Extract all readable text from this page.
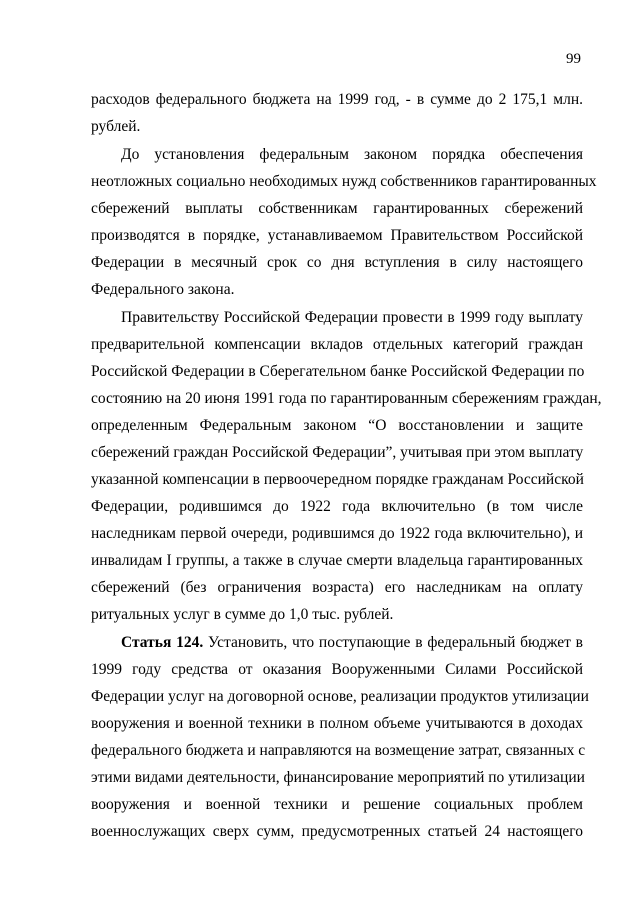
99
расходов федерального бюджета на 1999 год, - в сумме до 2 175,1 млн.
рублей.
До установления федеральным законом порядка обеспечения
неотложных социально необходимых нужд собственников гарантированных
сбережений выплаты собственникам гарантированных сбережений
производятся в порядке, устанавливаемом Правительством Российской
Федерации в месячный срок со дня вступления в силу настоящего
Федерального закона.
Правительству Российской Федерации провести в 1999 году выплату
предварительной компенсации вкладов отдельных категорий граждан
Российской Федерации в Сберегательном банке Российской Федерации по
состоянию на 20 июня 1991 года по гарантированным сбережениям граждан,
определенным Федеральным законом “О восстановлении и защите
сбережений граждан Российской Федерации”, учитывая при этом выплату
указанной компенсации в первоочередном порядке гражданам Российской
Федерации, родившимся до 1922 года включительно (в том числе
наследникам первой очереди, родившимся до 1922 года включительно), и
инвалидам I группы, а также в случае смерти владельца гарантированных
сбережений (без ограничения возраста) его наследникам на оплату
ритуальных услуг в сумме до 1,0 тыс. рублей.
Статья 124. Установить, что поступающие в федеральный бюджет в
1999 году средства от оказания Вооруженными Силами Российской
Федерации услуг на договорной основе, реализации продуктов утилизации
вооружения и военной техники в полном объеме учитываются в доходах
федерального бюджета и направляются на возмещение затрат, связанных с
этими видами деятельности, финансирование мероприятий по утилизации
вооружения и военной техники и решение социальных проблем
военнослужащих сверх сумм, предусмотренных статьей 24 настоящего
